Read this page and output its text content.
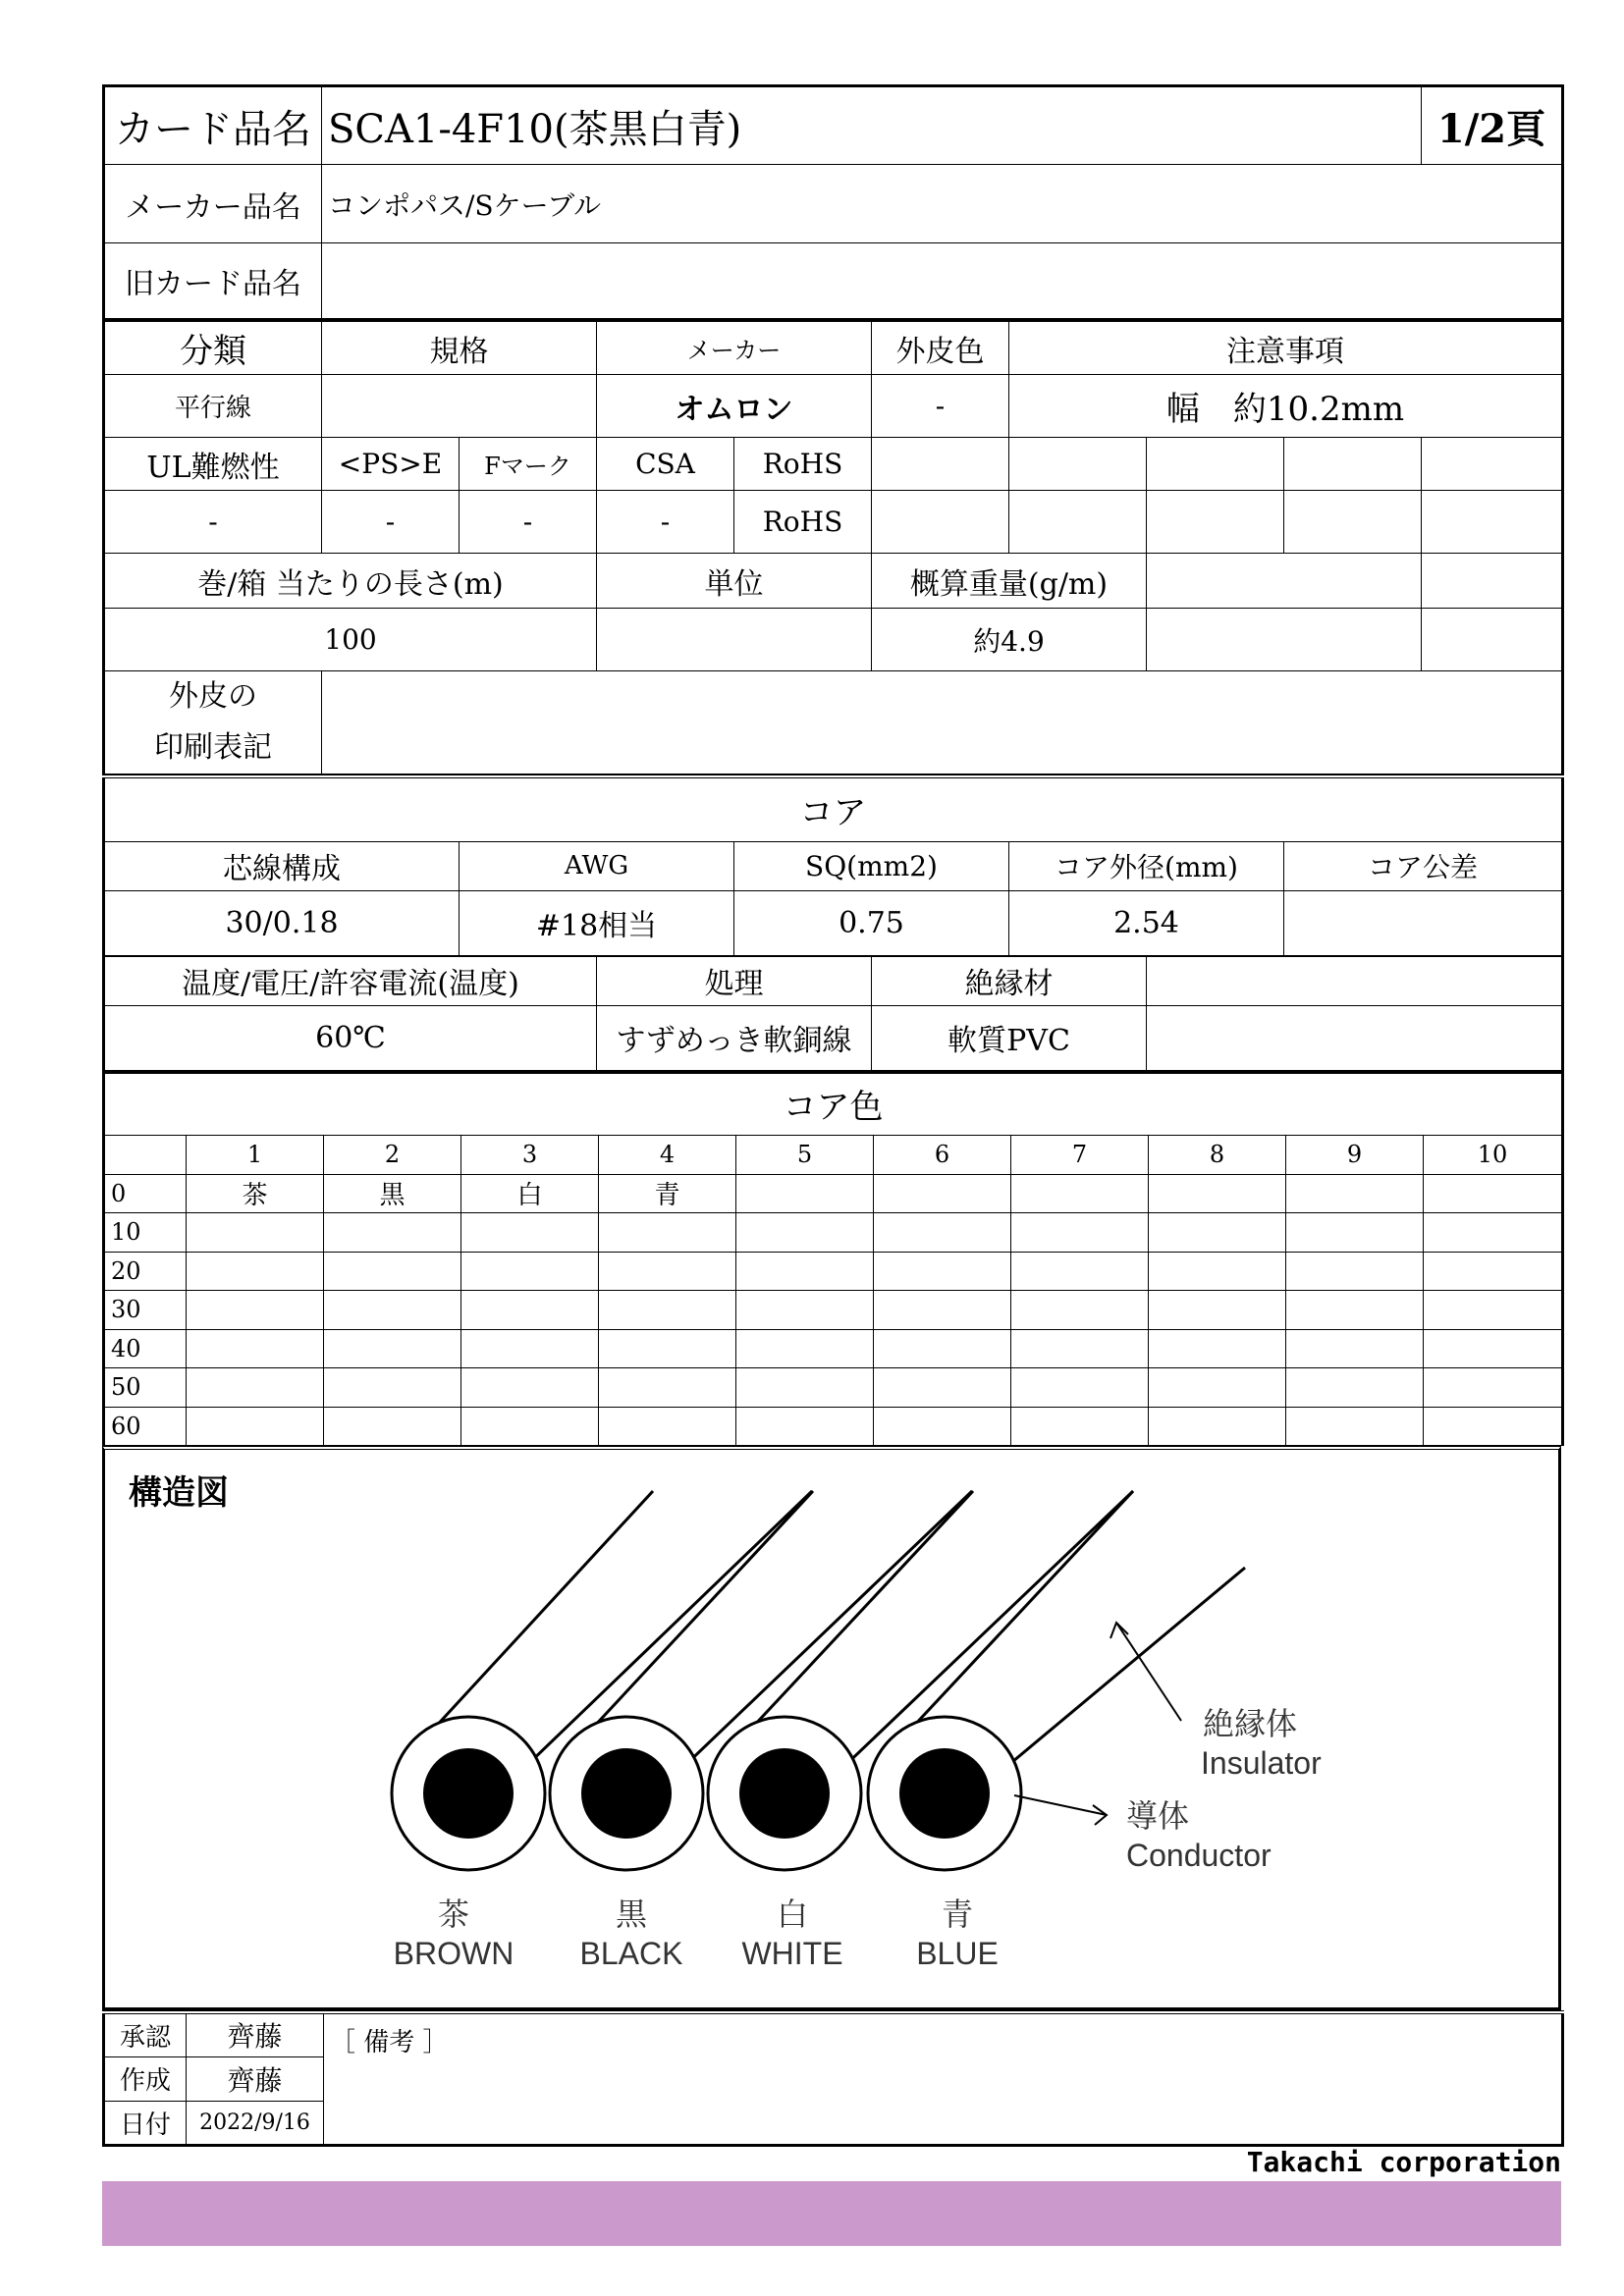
カード品名	SCA1-4F10(茶黒白青)	1/2頁
メーカー品名	コンポパス/Sケーブル	
旧カード品名		
分類	規格		メーカー		外皮色	注意事項			
平行線			オムロン		-	幅　約10.2mm			
UL難燃性	<PS>E	Fマーク	CSA	RoHS					
-	-	-	-	RoHS					
巻/箱 当たりの長さ(m)			単位		概算重量(g/m)				
100					約4.9				

外皮の
印刷表記									

コア				
芯線構成	AWG	SQ(mm2)	コア外径(mm)	コア公差
30/0.18	#18相当	0.75	2.54	
温度/電圧/許容電流(温度)	処理	絶縁材	
60℃	すずめっき軟銅線	軟質PVC	
コア色										
	1	2	3	4	5	6	7	8	9	10
0	茶	黒	白	青						
10										
20										
30										
40										
50										
60										
構造図
絶縁体
Insulator
導体
Conductor
茶
BROWN
黒
BLACK
白
WHITE
青
BLUE
承認	齊藤	［ 備考 ］
作成	齊藤	
日付	2022/9/16	
Takachi corporation
